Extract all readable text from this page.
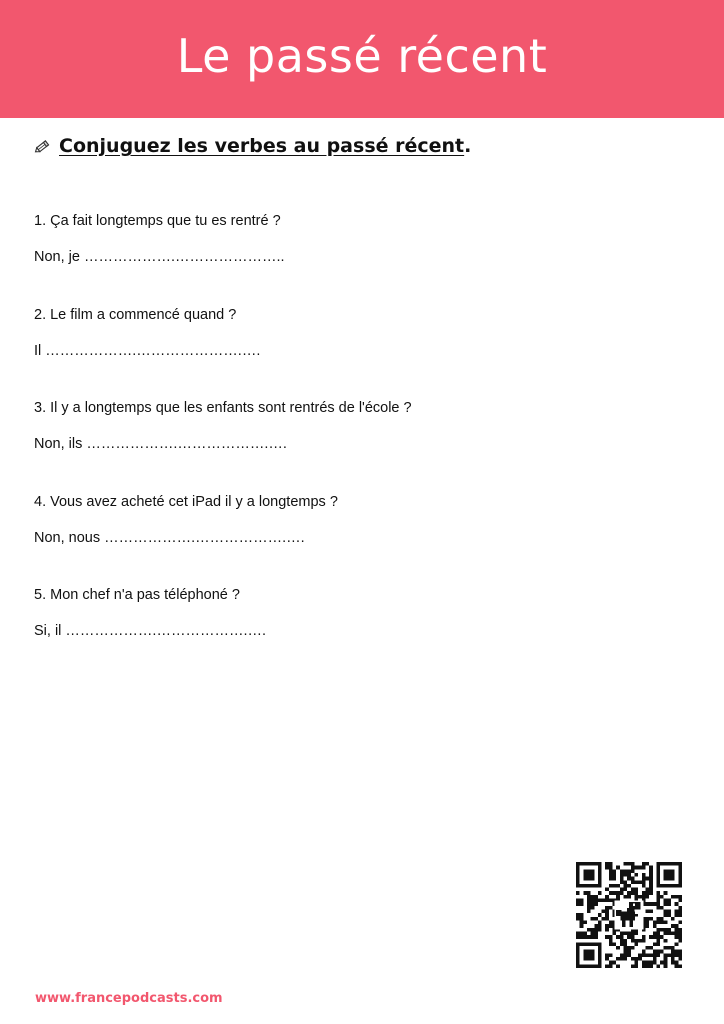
Le passé récent
Conjuguez les verbes au passé récent.
1. Ça fait longtemps que tu es rentré ?
Non, je ……………….…………………..
2. Le film a commencé quand ?
Il ……………….………………….….
3. Il y a longtemps que les enfants sont rentrés de l'école ?
Non, ils ……………….……………….….
4. Vous avez acheté cet iPad il y a longtemps ?
Non, nous ……………….……………….….
5. Mon chef n'a pas téléphoné ?
Si, il ……………….……………….….
www.francepodcasts.com
